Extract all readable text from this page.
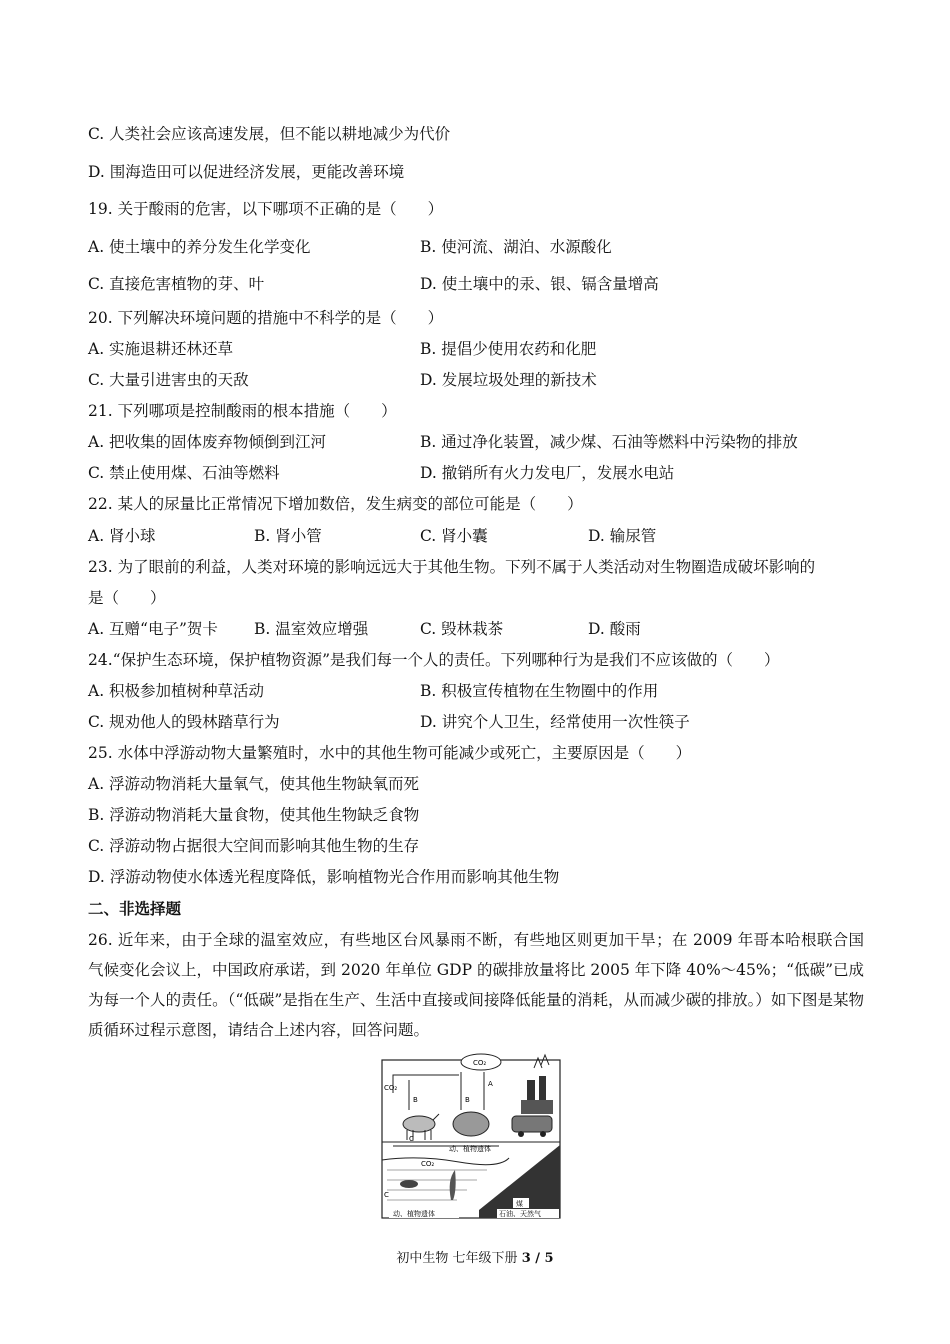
C. 人类社会应该高速发展，但不能以耕地减少为代价
D. 围海造田可以促进经济发展，更能改善环境
19. 关于酸雨的危害，以下哪项不正确的是（　　）
A. 使土壤中的养分发生化学变化	B. 使河流、湖泊、水源酸化
C. 直接危害植物的芽、叶	D. 使土壤中的汞、银、镉含量增高
20. 下列解决环境问题的措施中不科学的是（　　）
A. 实施退耕还林还草	B. 提倡少使用农药和化肥
C. 大量引进害虫的天敌	D. 发展垃圾处理的新技术
21. 下列哪项是控制酸雨的根本措施（　　）
A. 把收集的固体废弃物倾倒到江河	B. 通过净化装置，减少煤、石油等燃料中污染物的排放
C. 禁止使用煤、石油等燃料	D. 撤销所有火力发电厂，发展水电站
22. 某人的尿量比正常情况下增加数倍，发生病变的部位可能是（　　）
A. 肾小球	B. 肾小管	C. 肾小囊	D. 输尿管
23. 为了眼前的利益，人类对环境的影响远远大于其他生物。下列不属于人类活动对生物圈造成破坏影响的
是（　　）
A. 互赠“电子”贺卡 B. 温室效应增强	C. 毁林栽茶	D. 酸雨
24.“保护生态环境，保护植物资源”是我们每一个人的责任。下列哪种行为是我们不应该做的（　　）
A. 积极参加植树种草活动	B. 积极宣传植物在生物圈中的作用
C. 规劝他人的毁林踏草行为	D. 讲究个人卫生，经常使用一次性筷子
25. 水体中浮游动物大量繁殖时，水中的其他生物可能减少或死亡，主要原因是（　　）
A. 浮游动物消耗大量氧气，使其他生物缺氧而死
B. 浮游动物消耗大量食物，使其他生物缺乏食物
C. 浮游动物占据很大空间而影响其他生物的生存
D. 浮游动物使水体透光程度降低，影响植物光合作用而影响其他生物
二、非选择题
26. 近年来，由于全球的温室效应，有些地区台风暴雨不断，有些地区则更加干旱；在 2009 年哥本哈根联合国气候变化会议上，中国政府承诺，到 2020 年单位 GDP 的碳排放量将比 2005 年下降 40%～45%；“低碳”已成为每一个人的责任。（“低碳”是指在生产、生活中直接或间接降低能量的消耗，从而减少碳的排放。）如下图是某物质循环过程示意图，请结合上述内容，回答问题。
CO₂
CO₂
B	B
A
动、植物遗体
C
CO₂
C
煤
动、植物遗体	石油、天然气
初中生物 七年级下册 3 / 5
